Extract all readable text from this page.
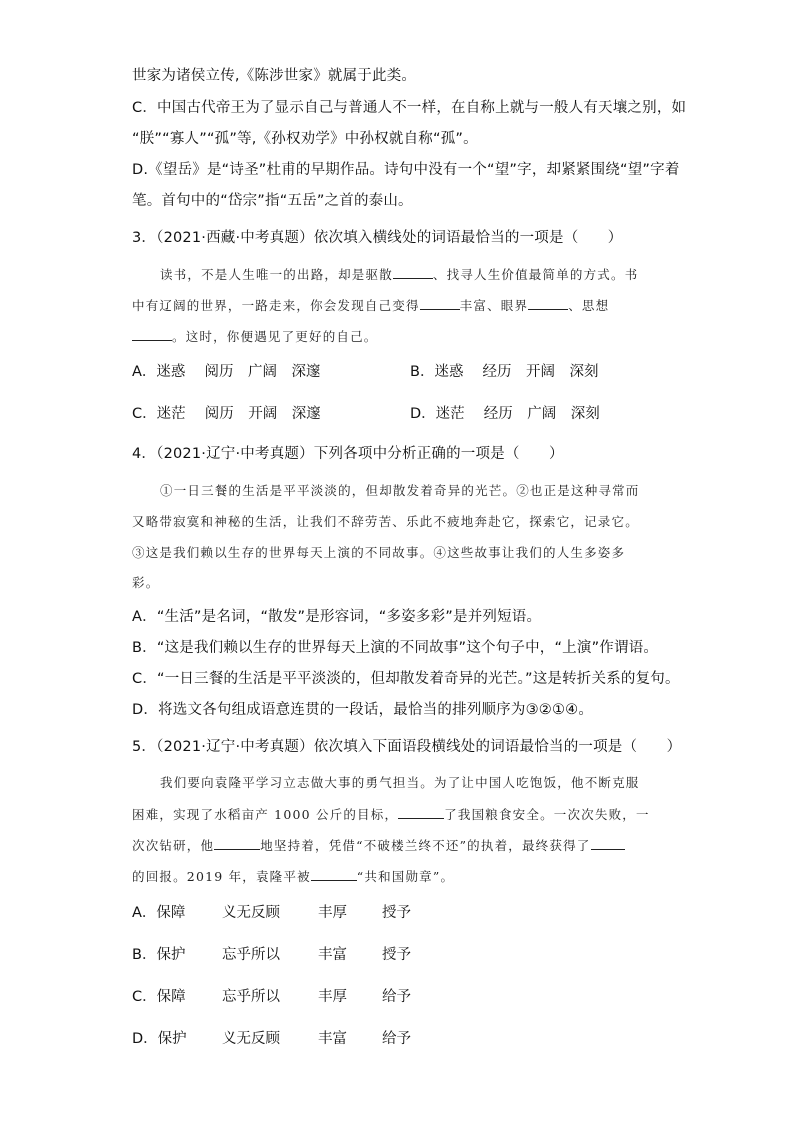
世家为诸侯立传,《陈涉世家》就属于此类。
C．中国古代帝王为了显示自己与普通人不一样，在自称上就与一般人有天壤之别，如
“朕”“寡人”“孤”等,《孙权劝学》中孙权就自称“孤”。
D.《望岳》是“诗圣”杜甫的早期作品。诗句中没有一个“望”字，却紧紧围绕“望”字着
笔。首句中的“岱宗”指“五岳”之首的泰山。
3．（2021·西藏·中考真题）依次填入横线处的词语最恰当的一项是（　　）
读书，不是人生唯一的出路，却是驱散	、找寻人生价值最简单的方式。书
中有辽阔的世界，一路走来，你会发现自己变得	丰富、眼界	、思想
。这时，你便遇见了更好的自己。
A．迷惑　 阅历　广阔　深邃	B．迷惑　 经历　开阔　深刻
C．迷茫　 阅历　开阔　深邃	D．迷茫　 经历　广阔　深刻
4．（2021·辽宁·中考真题）下列各项中分析正确的一项是（　　）
①一日三餐的生活是平平淡淡的，但却散发着奇异的光芒。②也正是这种寻常而
又略带寂寞和神秘的生活，让我们不辞劳苦、乐此不疲地奔赴它，探索它，记录它。
③这是我们赖以生存的世界每天上演的不同故事。④这些故事让我们的人生多姿多
彩。
A．“生活”是名词，“散发”是形容词，“多姿多彩”是并列短语。
B．“这是我们赖以生存的世界每天上演的不同故事”这个句子中，“上演”作谓语。
C．“一日三餐的生活是平平淡淡的，但却散发着奇异的光芒。”这是转折关系的复句。
D．将选文各句组成语意连贯的一段话，最恰当的排列顺序为③②①④。
5．（2021·辽宁·中考真题）依次填入下面语段横线处的词语最恰当的一项是（　　）
我们要向袁隆平学习立志做大事的勇气担当。为了让中国人吃饱饭，他不断克服
困难，实现了水稻亩产 1000 公斤的目标，	了我国粮食安全。一次次失败，一
次次钻研，他	地坚持着，凭借“不破楼兰终不还”的执着，最终获得了
的回报。2019 年，袁隆平被	“共和国勋章”。
A．保障	义无反顾	丰厚 授予
B．保护	忘乎所以	丰富 授予
C．保障	忘乎所以	丰厚 给予
D．保护 义无反顾	丰富 给予
